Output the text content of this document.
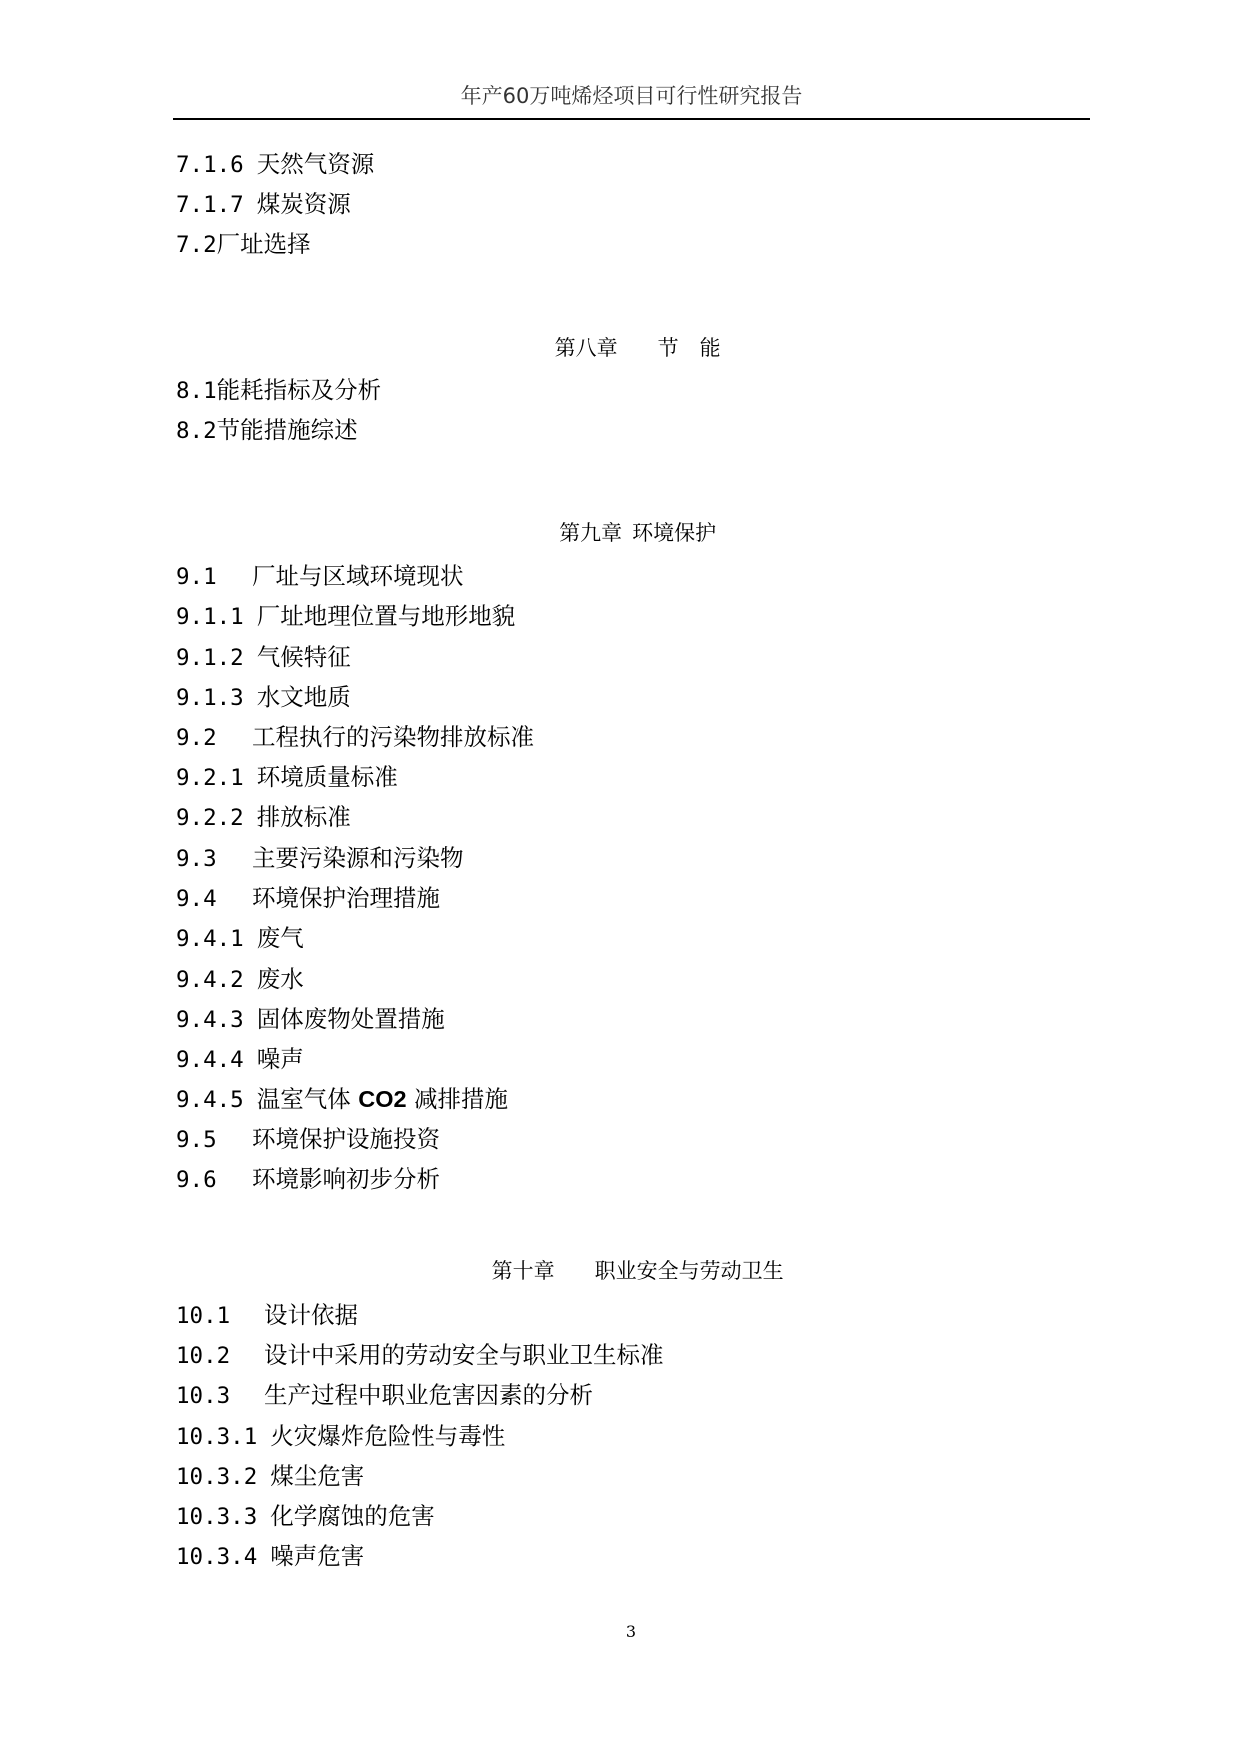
年产60万吨烯烃项目可行性研究报告
7.1.6 天然气资源
7.1.7 煤炭资源
7.2厂址选择

第八章 节　能

8.1能耗指标及分析
8.2节能措施综述

第九章 环境保护

9.1 厂址与区域环境现状
9.1.1 厂址地理位置与地形地貌
9.1.2 气候特征
9.1.3 水文地质
9.2 工程执行的污染物排放标准
9.2.1 环境质量标准
9.2.2 排放标准
9.3 主要污染源和污染物
9.4 环境保护治理措施
9.4.1 废气
9.4.2 废水
9.4.3 固体废物处置措施
9.4.4 噪声
9.4.5 温室气体 CO2 减排措施
9.5 环境保护设施投资
9.6 环境影响初步分析

第十章 职业安全与劳动卫生

10.1 设计依据
10.2 设计中采用的劳动安全与职业卫生标准
10.3 生产过程中职业危害因素的分析
10.3.1 火灾爆炸危险性与毒性
10.3.2 煤尘危害
10.3.3 化学腐蚀的危害
10.3.4 噪声危害
3
